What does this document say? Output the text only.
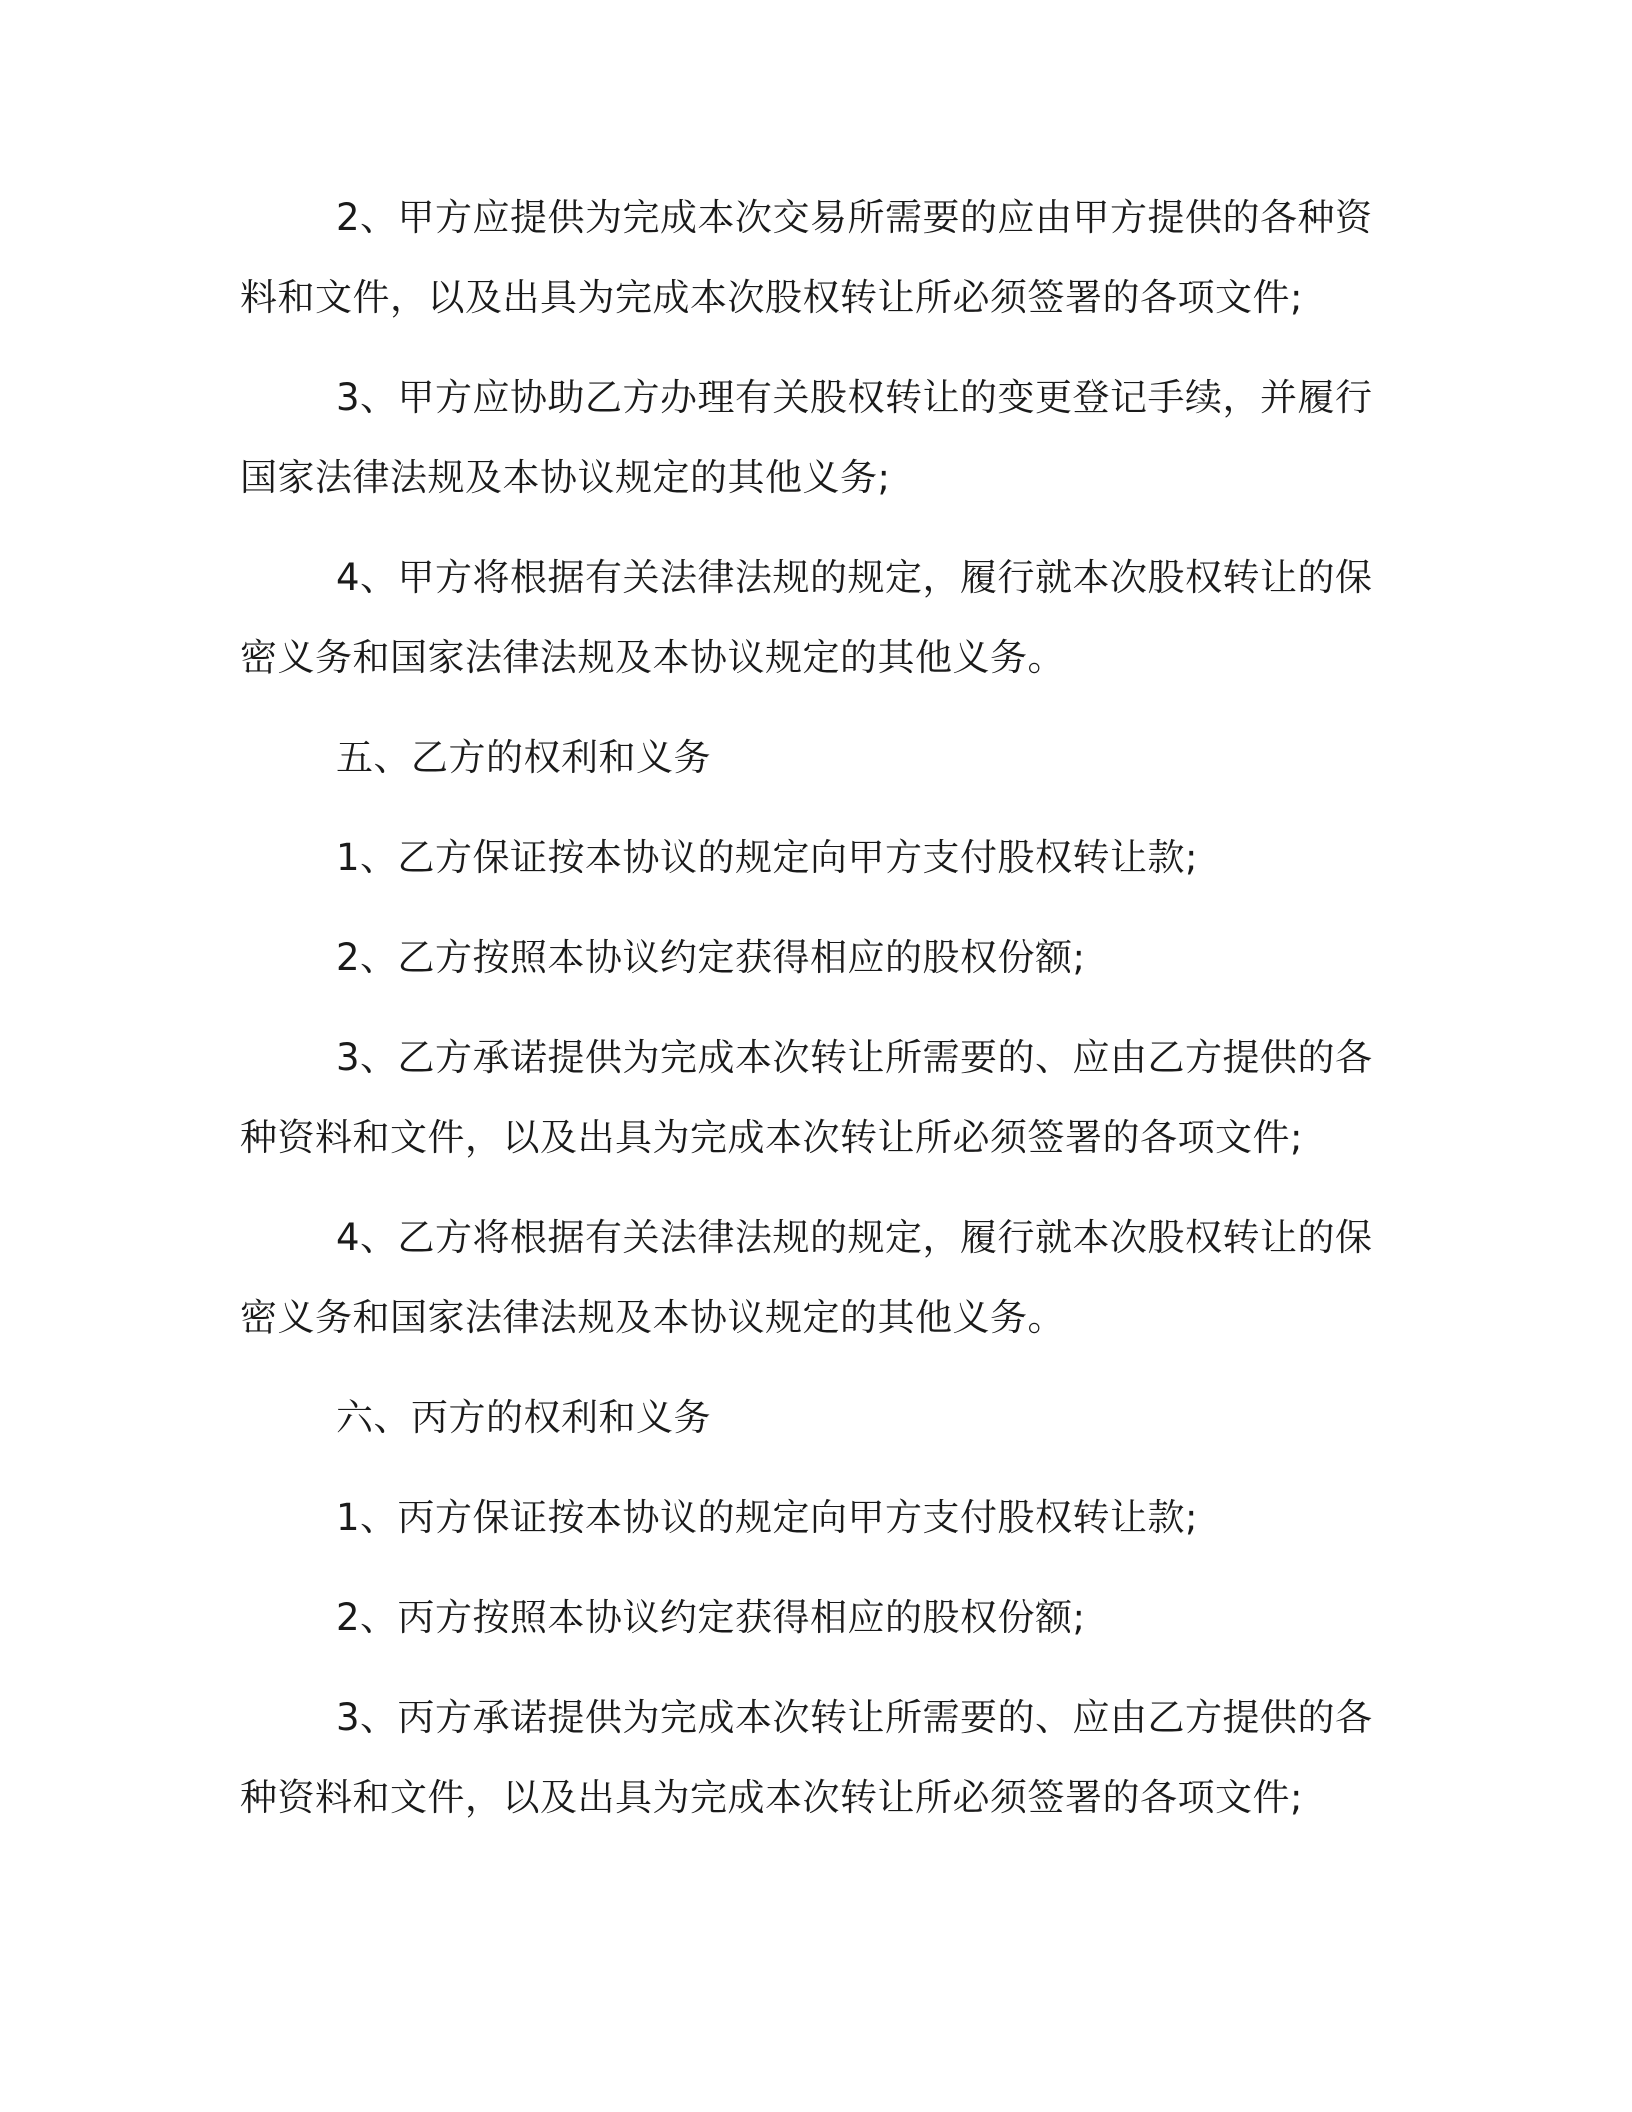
2、甲方应提供为完成本次交易所需要的应由甲方提供的各种资
料和文件，以及出具为完成本次股权转让所必须签署的各项文件;
3、甲方应协助乙方办理有关股权转让的变更登记手续，并履行
国家法律法规及本协议规定的其他义务;
4、甲方将根据有关法律法规的规定，履行就本次股权转让的保
密义务和国家法律法规及本协议规定的其他义务。
五、乙方的权利和义务
1、乙方保证按本协议的规定向甲方支付股权转让款;
2、乙方按照本协议约定获得相应的股权份额;
3、乙方承诺提供为完成本次转让所需要的、应由乙方提供的各
种资料和文件，以及出具为完成本次转让所必须签署的各项文件;
4、乙方将根据有关法律法规的规定，履行就本次股权转让的保
密义务和国家法律法规及本协议规定的其他义务。
六、丙方的权利和义务
1、丙方保证按本协议的规定向甲方支付股权转让款;
2、丙方按照本协议约定获得相应的股权份额;
3、丙方承诺提供为完成本次转让所需要的、应由乙方提供的各
种资料和文件，以及出具为完成本次转让所必须签署的各项文件;
